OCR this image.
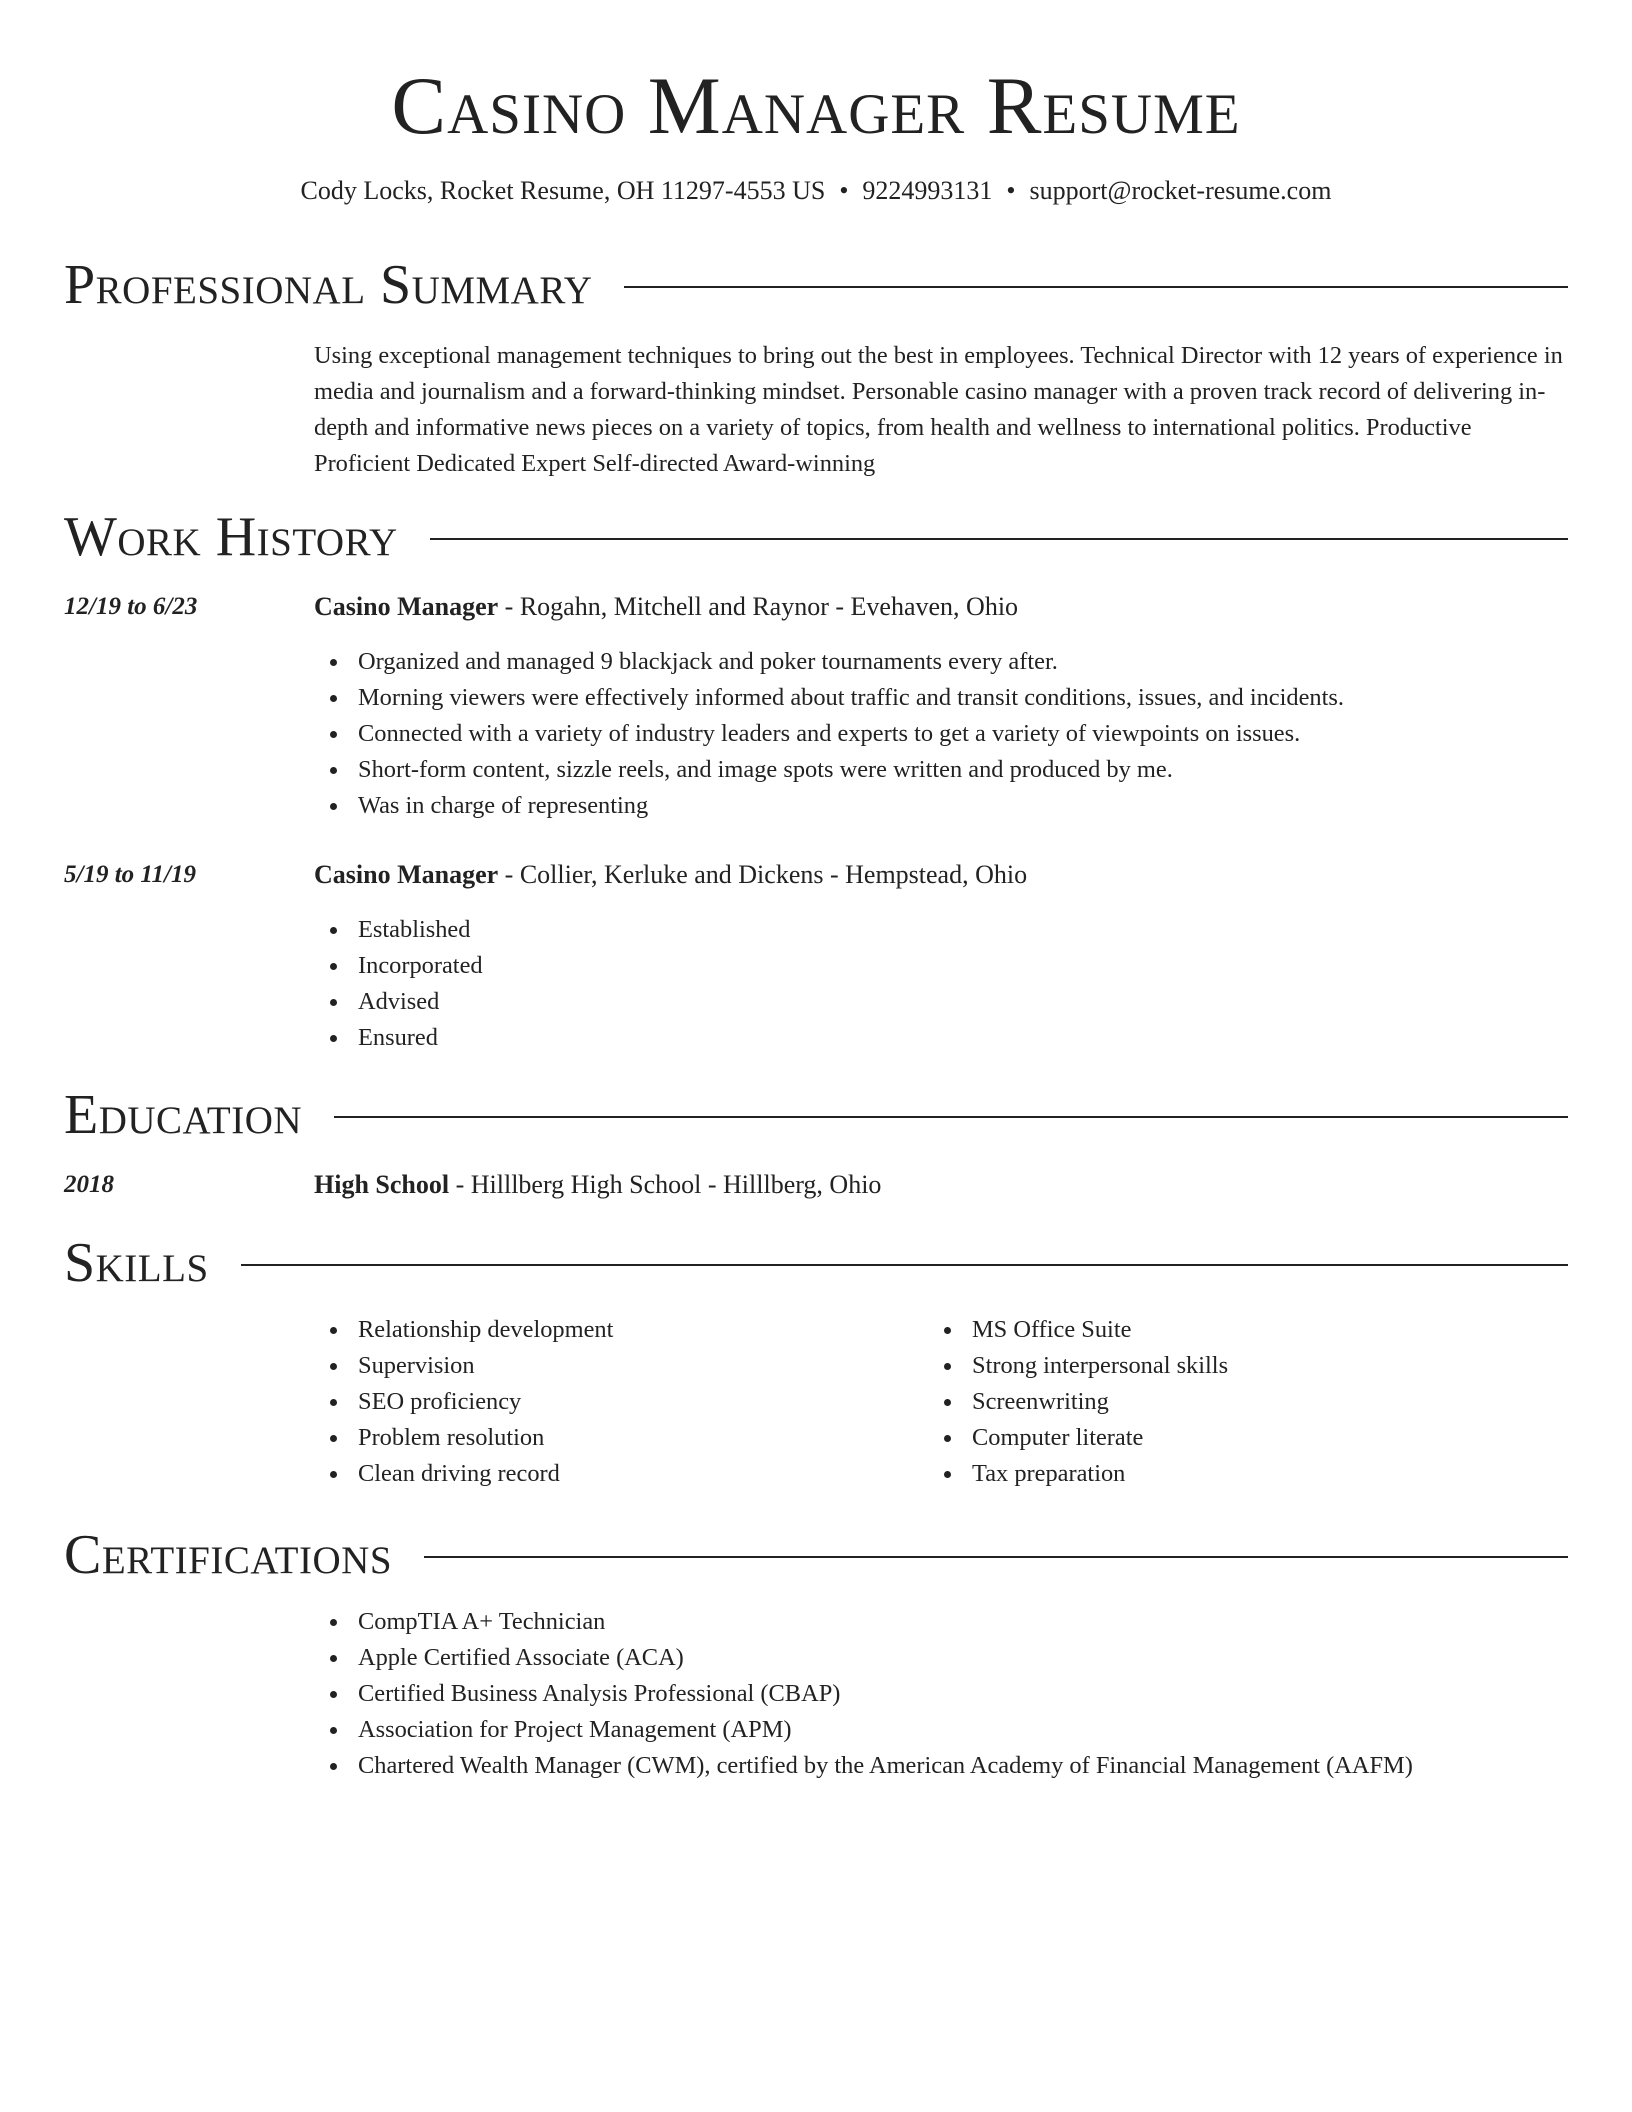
Casino Manager Resume
Cody Locks, Rocket Resume, OH 11297-4553 US • 9224993131 • support@rocket-resume.com
Professional Summary
Using exceptional management techniques to bring out the best in employees. Technical Director with 12 years of experience in media and journalism and a forward-thinking mindset. Personable casino manager with a proven track record of delivering in-depth and informative news pieces on a variety of topics, from health and wellness to international politics. Productive Proficient Dedicated Expert Self-directed Award-winning
Work History
12/19 to 6/23	Casino Manager - Rogahn, Mitchell and Raynor - Evehaven, Ohio
Organized and managed 9 blackjack and poker tournaments every after.
Morning viewers were effectively informed about traffic and transit conditions, issues, and incidents.
Connected with a variety of industry leaders and experts to get a variety of viewpoints on issues.
Short-form content, sizzle reels, and image spots were written and produced by me.
Was in charge of representing
5/19 to 11/19	Casino Manager - Collier, Kerluke and Dickens - Hempstead, Ohio
Established
Incorporated
Advised
Ensured
Education
2018	High School - Hilllberg High School - Hilllberg, Ohio
Skills
Relationship development
Supervision
SEO proficiency
Problem resolution
Clean driving record
MS Office Suite
Strong interpersonal skills
Screenwriting
Computer literate
Tax preparation
Certifications
CompTIA A+ Technician
Apple Certified Associate (ACA)
Certified Business Analysis Professional (CBAP)
Association for Project Management (APM)
Chartered Wealth Manager (CWM), certified by the American Academy of Financial Management (AAFM)
